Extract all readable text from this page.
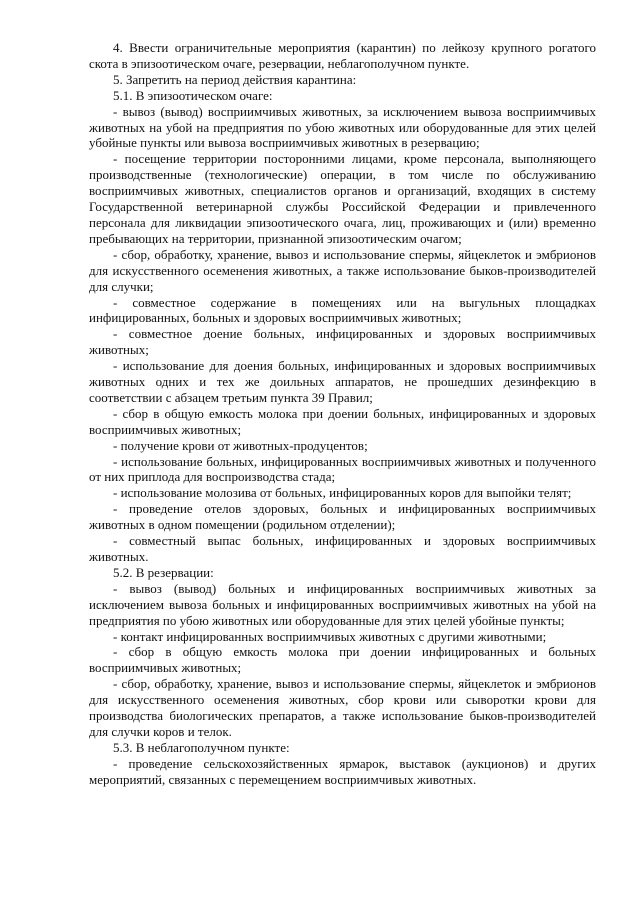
4. Ввести ограничительные мероприятия (карантин) по лейкозу крупного рогатого скота в эпизоотическом очаге, резервации, неблагополучном пункте.

5. Запретить на период действия карантина:

5.1. В эпизоотическом очаге:

- вывоз (вывод) восприимчивых животных, за исключением вывоза восприимчивых животных на убой на предприятия по убою животных или оборудованные для этих целей убойные пункты или вывоза восприимчивых животных в резервацию;

- посещение территории посторонними лицами, кроме персонала, выполняющего производственные (технологические) операции, в том числе по обслуживанию восприимчивых животных, специалистов органов и организаций, входящих в систему Государственной ветеринарной службы Российской Федерации и привлеченного персонала для ликвидации эпизоотического очага, лиц, проживающих и (или) временно пребывающих на территории, признанной эпизоотическим очагом;

- сбор, обработку, хранение, вывоз и использование спермы, яйцеклеток и эмбрионов для искусственного осеменения животных, а также использование быков-производителей для случки;

- совместное содержание в помещениях или на выгульных площадках инфицированных, больных и здоровых восприимчивых животных;

- совместное доение больных, инфицированных и здоровых восприимчивых животных;

- использование для доения больных, инфицированных и здоровых восприимчивых животных одних и тех же доильных аппаратов, не прошедших дезинфекцию в соответствии с абзацем третьим пункта 39 Правил;

- сбор в общую емкость молока при доении больных, инфицированных и здоровых восприимчивых животных;

- получение крови от животных-продуцентов;

- использование больных, инфицированных восприимчивых животных и полученного от них приплода для воспроизводства стада;

- использование молозива от больных, инфицированных коров для выпойки телят;

- проведение отелов здоровых, больных и инфицированных восприимчивых животных в одном помещении (родильном отделении);

- совместный выпас больных, инфицированных и здоровых восприимчивых животных.

5.2. В резервации:

- вывоз (вывод) больных и инфицированных восприимчивых животных за исключением вывоза больных и инфицированных восприимчивых животных на убой на предприятия по убою животных или оборудованные для этих целей убойные пункты;

- контакт инфицированных восприимчивых животных с другими животными;

- сбор в общую емкость молока при доении инфицированных и больных восприимчивых животных;

- сбор, обработку, хранение, вывоз и использование спермы, яйцеклеток и эмбрионов для искусственного осеменения животных, сбор крови или сыворотки крови для производства биологических препаратов, а также использование быков-производителей для случки коров и телок.

5.3. В неблагополучном пункте:

- проведение сельскохозяйственных ярмарок, выставок (аукционов) и других мероприятий, связанных с перемещением восприимчивых животных.
